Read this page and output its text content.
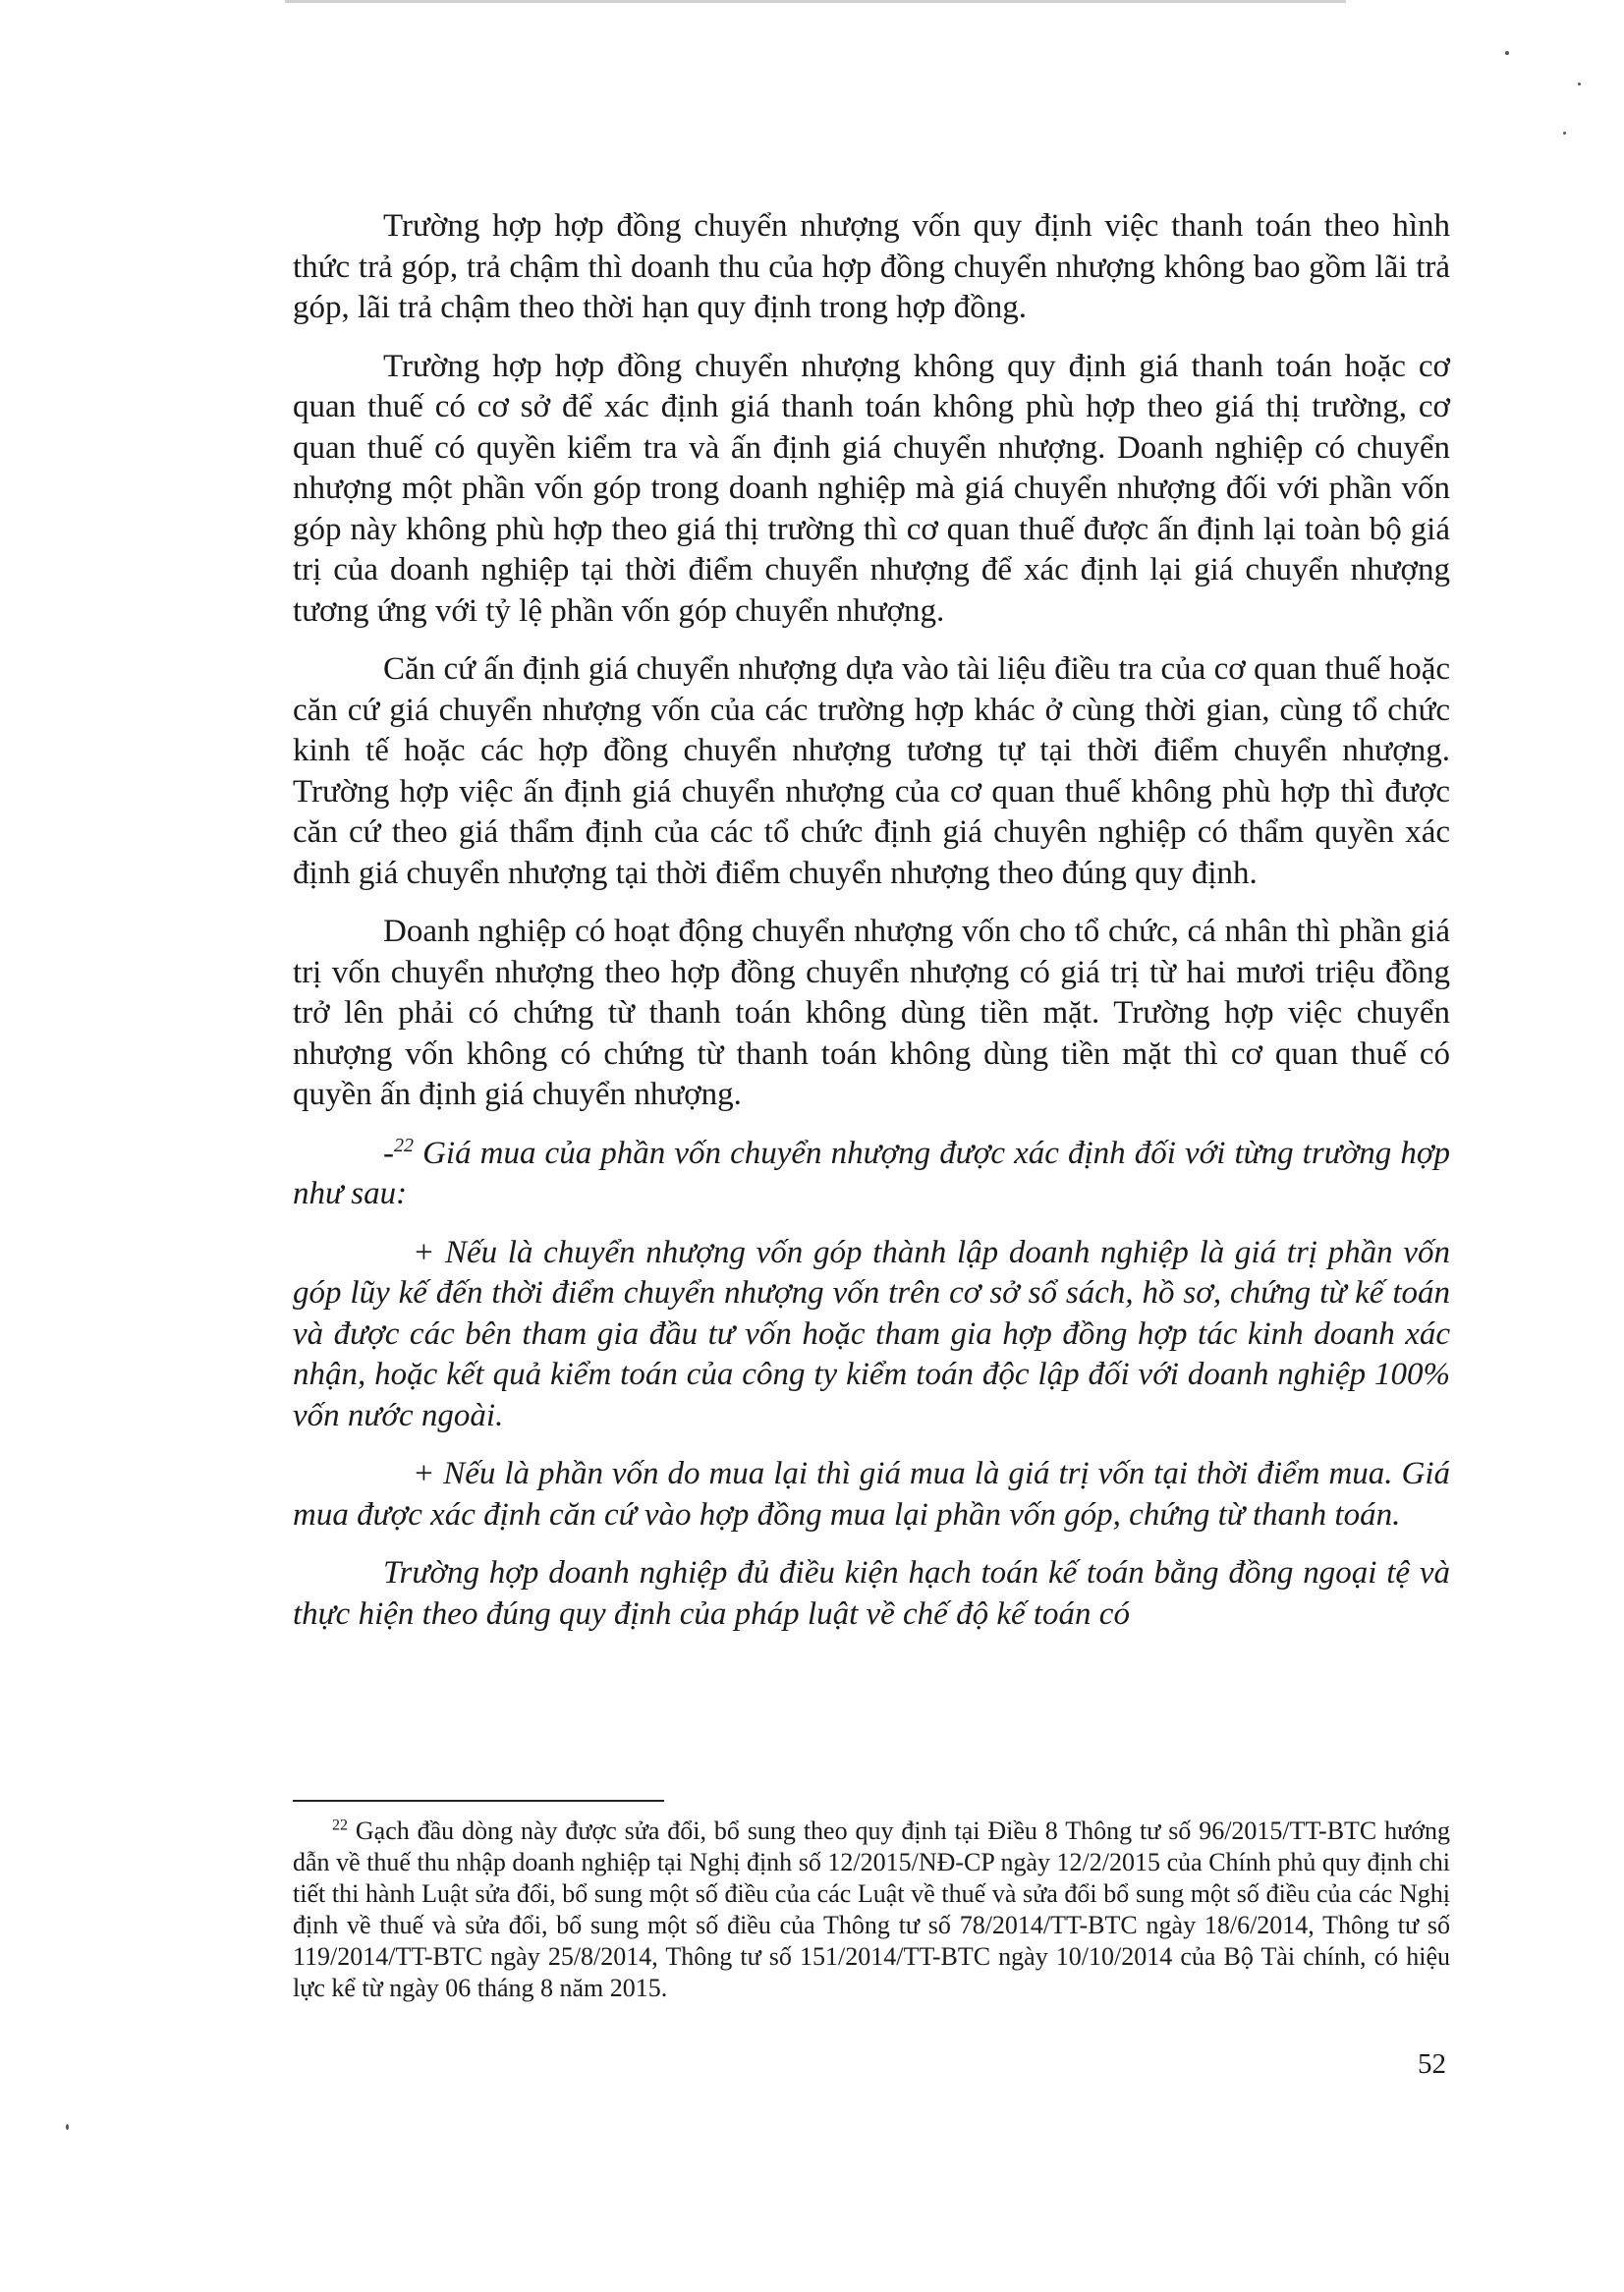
Trường hợp hợp đồng chuyển nhượng vốn quy định việc thanh toán theo hình thức trả góp, trả chậm thì doanh thu của hợp đồng chuyển nhượng không bao gồm lãi trả góp, lãi trả chậm theo thời hạn quy định trong hợp đồng.

Trường hợp hợp đồng chuyển nhượng không quy định giá thanh toán hoặc cơ quan thuế có cơ sở để xác định giá thanh toán không phù hợp theo giá thị trường, cơ quan thuế có quyền kiểm tra và ấn định giá chuyển nhượng. Doanh nghiệp có chuyển nhượng một phần vốn góp trong doanh nghiệp mà giá chuyển nhượng đối với phần vốn góp này không phù hợp theo giá thị trường thì cơ quan thuế được ấn định lại toàn bộ giá trị của doanh nghiệp tại thời điểm chuyển nhượng để xác định lại giá chuyển nhượng tương ứng với tỷ lệ phần vốn góp chuyển nhượng.

Căn cứ ấn định giá chuyển nhượng dựa vào tài liệu điều tra của cơ quan thuế hoặc căn cứ giá chuyển nhượng vốn của các trường hợp khác ở cùng thời gian, cùng tổ chức kinh tế hoặc các hợp đồng chuyển nhượng tương tự tại thời điểm chuyển nhượng. Trường hợp việc ấn định giá chuyển nhượng của cơ quan thuế không phù hợp thì được căn cứ theo giá thẩm định của các tổ chức định giá chuyên nghiệp có thẩm quyền xác định giá chuyển nhượng tại thời điểm chuyển nhượng theo đúng quy định.

Doanh nghiệp có hoạt động chuyển nhượng vốn cho tổ chức, cá nhân thì phần giá trị vốn chuyển nhượng theo hợp đồng chuyển nhượng có giá trị từ hai mươi triệu đồng trở lên phải có chứng từ thanh toán không dùng tiền mặt. Trường hợp việc chuyển nhượng vốn không có chứng từ thanh toán không dùng tiền mặt thì cơ quan thuế có quyền ấn định giá chuyển nhượng.

-$^{22}$ Giá mua của phần vốn chuyển nhượng được xác định đối với từng trường hợp như sau:

+ Nếu là chuyển nhượng vốn góp thành lập doanh nghiệp là giá trị phần vốn góp lũy kế đến thời điểm chuyển nhượng vốn trên cơ sở sổ sách, hồ sơ, chứng từ kế toán và được các bên tham gia đầu tư vốn hoặc tham gia hợp đồng hợp tác kinh doanh xác nhận, hoặc kết quả kiểm toán của công ty kiểm toán độc lập đối với doanh nghiệp 100% vốn nước ngoài.

+ Nếu là phần vốn do mua lại thì giá mua là giá trị vốn tại thời điểm mua. Giá mua được xác định căn cứ vào hợp đồng mua lại phần vốn góp, chứng từ thanh toán.

Trường hợp doanh nghiệp đủ điều kiện hạch toán kế toán bằng đồng ngoại tệ và thực hiện theo đúng quy định của pháp luật về chế độ kế toán có

$^{22}$ Gạch đầu dòng này được sửa đổi, bổ sung theo quy định tại Điều 8 Thông tư số 96/2015/TT-BTC hướng dẫn về thuế thu nhập doanh nghiệp tại Nghị định số 12/2015/NĐ-CP ngày 12/2/2015 của Chính phủ quy định chi tiết thi hành Luật sửa đổi, bổ sung một số điều của các Luật về thuế và sửa đổi bổ sung một số điều của các Nghị định về thuế và sửa đổi, bổ sung một số điều của Thông tư số 78/2014/TT-BTC ngày 18/6/2014, Thông tư số 119/2014/TT-BTC ngày 25/8/2014, Thông tư số 151/2014/TT-BTC ngày 10/10/2014 của Bộ Tài chính, có hiệu lực kể từ ngày 06 tháng 8 năm 2015.
52
